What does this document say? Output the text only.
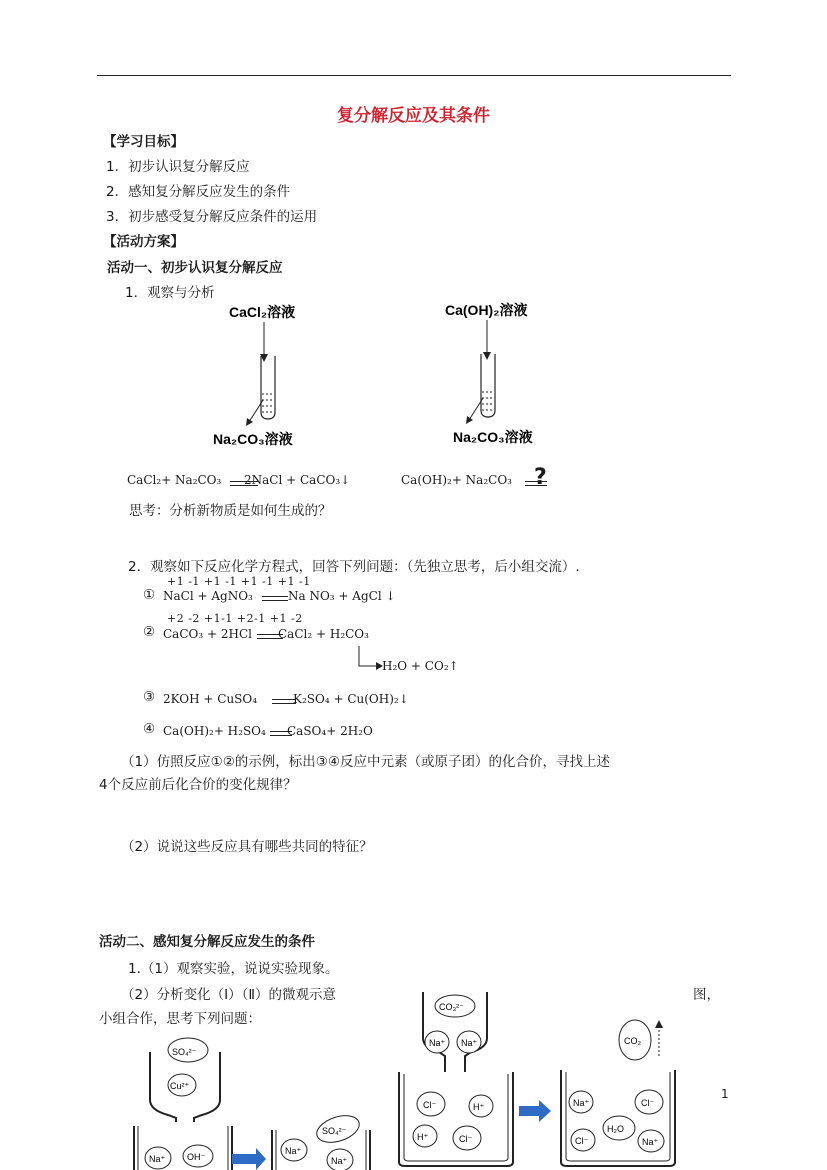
复分解反应及其条件
【学习目标】
1．初步认识复分解反应
2．感知复分解反应发生的条件
3．初步感受复分解反应条件的运用
【活动方案】
活动一、初步认识复分解反应
1．观察与分析
CaCl₂溶液
Na₂CO₃溶液
Ca(OH)₂溶液
Na₂CO₃溶液
CaCl₂+ Na₂CO₃ 2NaCl + CaCO₃↓	Ca(OH)₂+ Na₂CO₃ ?
思考：分析新物质是如何生成的？
2．观察如下反应化学方程式，回答下列问题：（先独立思考，后小组交流）.
+1 -1 +1 -1 +1 -1 +1 -1
① NaCl + AgNO₃	Na NO₃ + AgCl ↓
+2 -2 +1-1 +2-1 +1 -2
② CaCO₃ + 2HCl CaCl₂ + H₂CO₃
H₂O + CO₂↑
③ 2KOH + CuSO₄	K₂SO₄ + Cu(OH)₂↓
④ Ca(OH)₂+ H₂SO₄ CaSO₄+ 2H₂O
（1）仿照反应①②的示例，标出③④反应中元素（或原子团）的化合价，寻找上述
4个反应前后化合价的变化规律？
（2）说说这些反应具有哪些共同的特征？
活动二、感知复分解反应发生的条件
1.（1）观察实验，说说实验现象。
（2）分析变化（Ⅰ）（Ⅱ）的微观示意	图，
小组合作，思考下列问题：
1
SO₄²⁻
Cu²⁺
Na⁺ OH⁻
Na⁺
SO₄²⁻
Na⁺
CO₃²⁻
Na⁺ Na⁺
Cl⁻	H⁺
H⁺	Cl⁻
CO₂
Na⁺	Cl⁻
H₂O
Cl⁻	Na⁺
